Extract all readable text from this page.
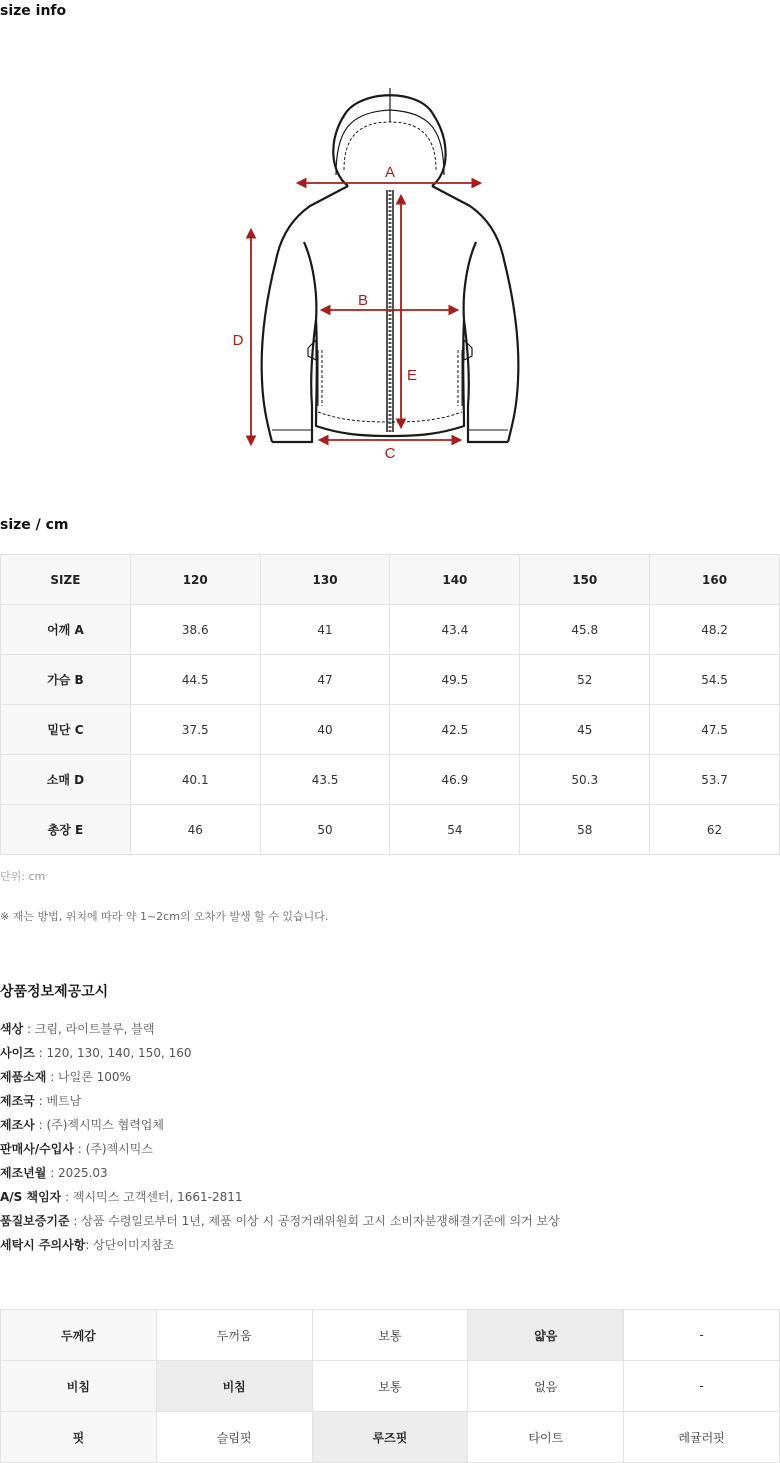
size info
A
B
C
D
E
size / cm
SIZE	120	130	140	150	160
어깨 A	38.6	41	43.4	45.8	48.2
가슴 B	44.5	47	49.5	52	54.5
밑단 C	37.5	40	42.5	45	47.5
소매 D	40.1	43.5	46.9	50.3	53.7
총장 E	46	50	54	58	62

단위: cm

※ 재는 방법, 위치에 따라 약 1~2cm의 오차가 발생 할 수 있습니다.

상품정보제공고시
색상 : 크림, 라이트블루, 블랙
사이즈 : 120, 130, 140, 150, 160
제품소재 : 나일론 100%
제조국 : 베트남
제조사 : (주)젝시믹스 협력업체
판매사/수입사 : (주)젝시믹스
제조년월 : 2025.03
A/S 책임자 : 젝시믹스 고객센터, 1661-2811
품질보증기준 : 상품 수령일로부터 1년, 제품 이상 시 공정거래위원회 고시 소비자분쟁해결기준에 의거 보상
세탁시 주의사항: 상단이미지참조
두께감	두꺼움	보통	얇음	-
비침	비침	보통	없음	-
핏	슬림핏	루즈핏	타이트	레귤러핏
